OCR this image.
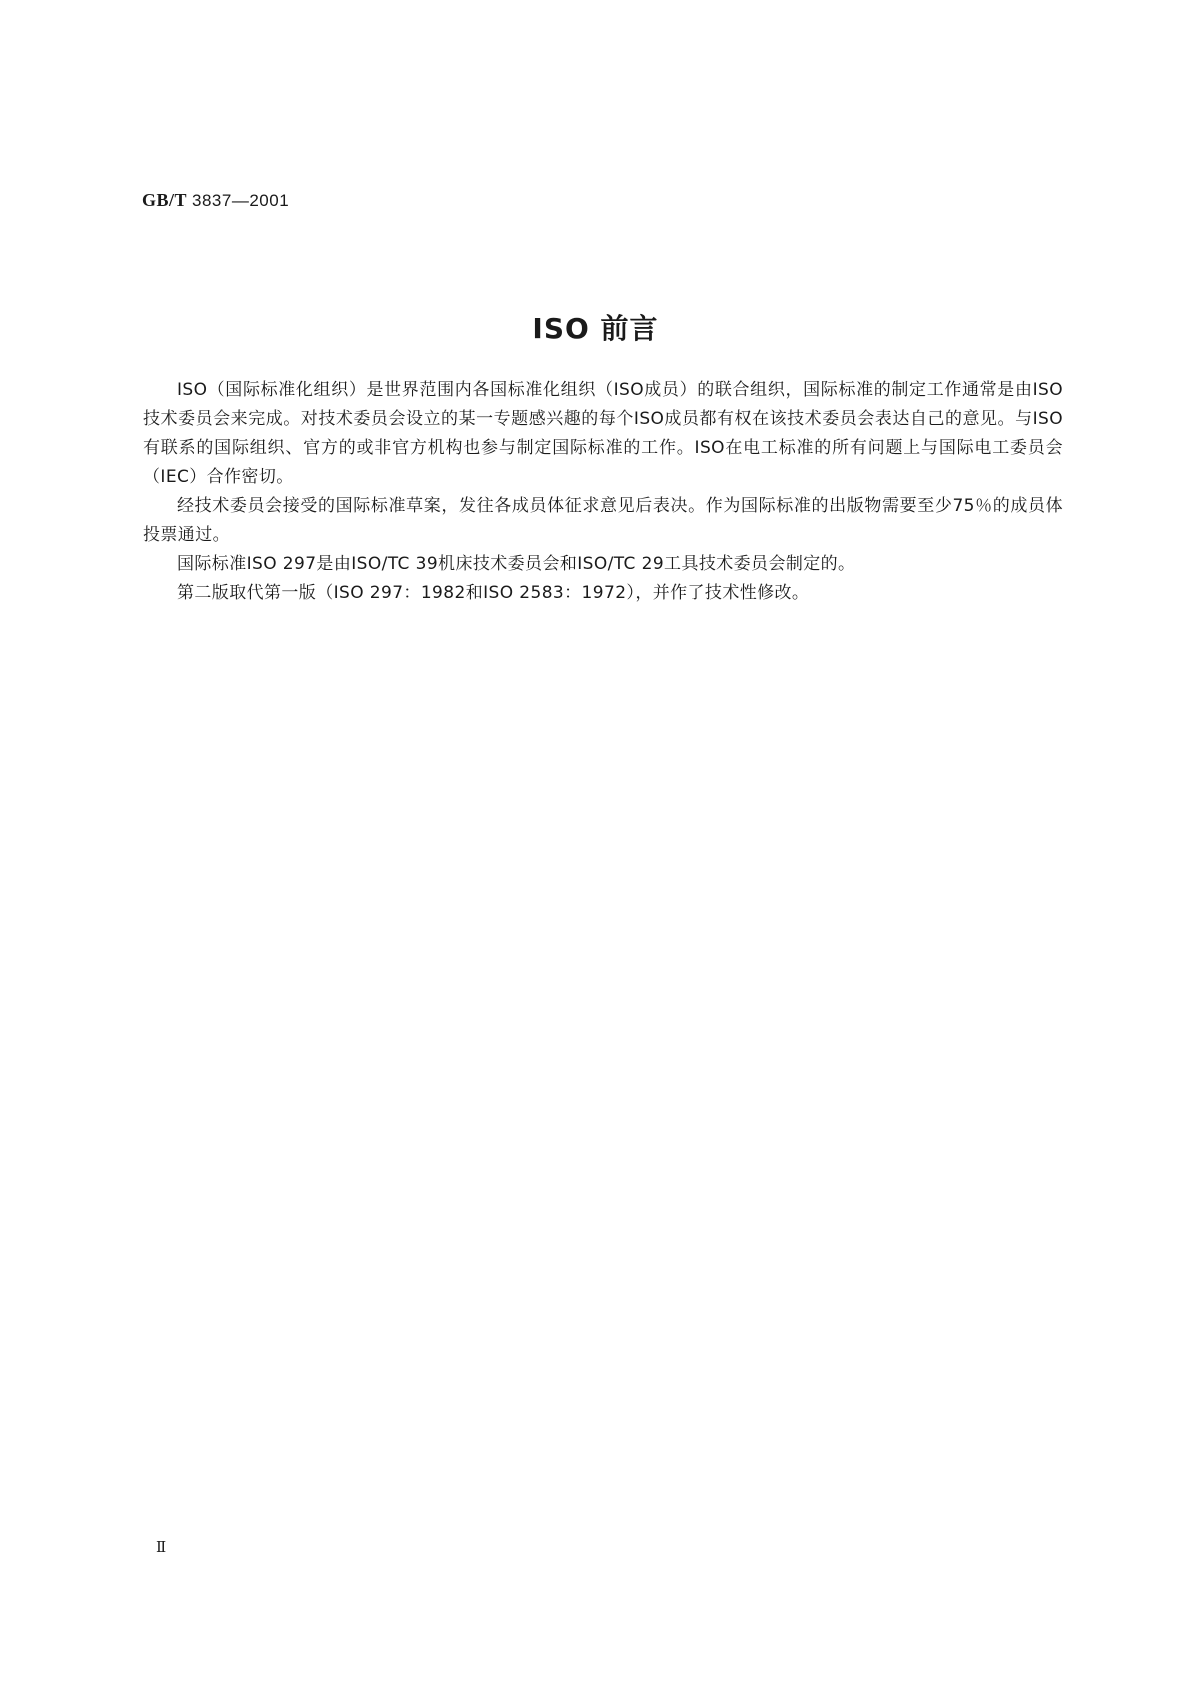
GB/T 3837—2001
ISO 前言

ISO（国际标准化组织）是世界范围内各国标准化组织（ISO成员）的联合组织，国际标准的制定工作通常是由ISO技术委员会来完成。对技术委员会设立的某一专题感兴趣的每个ISO成员都有权在该技术委员会表达自己的意见。与ISO有联系的国际组织、官方的或非官方机构也参与制定国际标准的工作。ISO在电工标准的所有问题上与国际电工委员会（IEC）合作密切。

经技术委员会接受的国际标准草案，发往各成员体征求意见后表决。作为国际标准的出版物需要至少75％的成员体投票通过。

国际标准ISO 297是由ISO/TC 39机床技术委员会和ISO/TC 29工具技术委员会制定的。

第二版取代第一版（ISO 297：1982和ISO 2583：1972），并作了技术性修改。

Ⅱ
